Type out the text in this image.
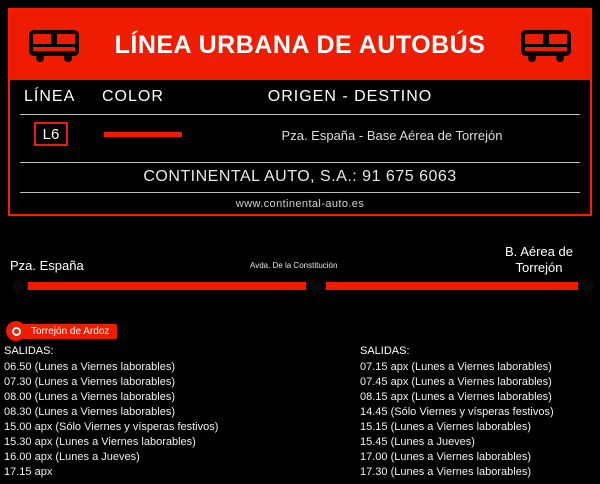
LÍNEA URBANA DE AUTOBÚS
LÍNEA COLOR	ORIGEN - DESTINO
L6	Pza. España - Base Aérea de Torrejón
CONTINENTAL AUTO, S.A.: 91 675 6063
www.continental-auto.es
Pza. España	Avda. De la Constitución
B. Aérea de Torrejón
Torrejón de Ardoz
SALIDAS:
06.50 (Lunes a Viernes laborables)
07.30 (Lunes a Viernes laborables)
08.00 (Lunes a Viernes laborables)
08.30 (Lunes a Viernes laborables)
15.00 apx (Sólo Viernes y vísperas festivos)
15.30 apx (Lunes a Viernes laborables)
16.00 apx (Lunes a Jueves)
17.15 apx
SALIDAS:
07.15 apx (Lunes a Viernes laborables)
07.45 apx (Lunes a Viernes laborables)
08.15 apx (Lunes a Viernes laborables)
14.45 (Sólo Viernes y vísperas festivos)
15.15 (Lunes a Viernes laborables)
15.45 (Lunes a Jueves)
17.00 (Lunes a Viernes laborables)
17.30 (Lunes a Viernes laborables)
